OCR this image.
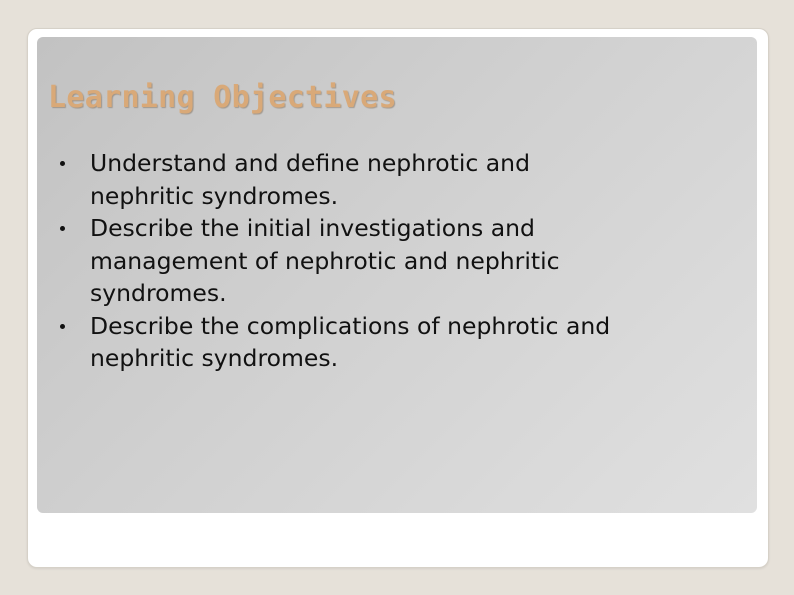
Learning Objectives
Understand and define nephrotic and
nephritic syndromes.
Describe the initial investigations and
management of nephrotic and nephritic
syndromes.
Describe the complications of nephrotic and
nephritic syndromes.
